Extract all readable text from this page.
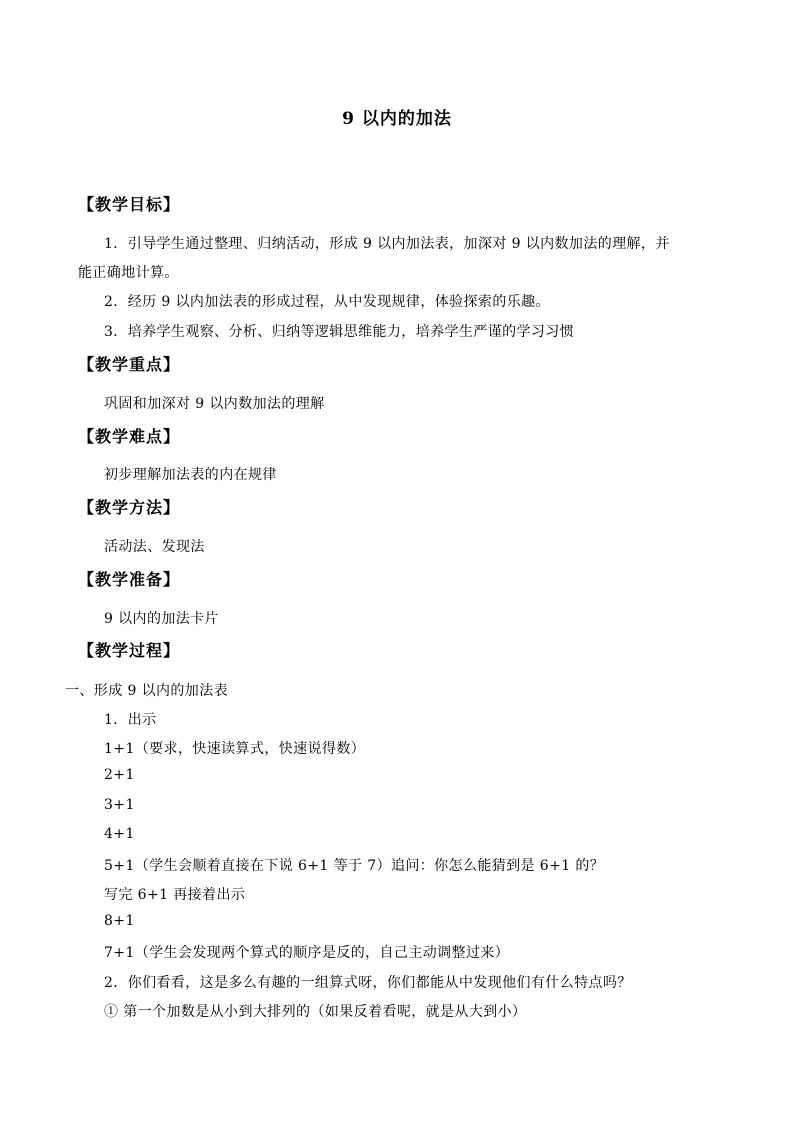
9 以内的加法
【教学目标】
1．引导学生通过整理、归纳活动，形成 9 以内加法表，加深对 9 以内数加法的理解，并
能正确地计算。
2．经历 9 以内加法表的形成过程，从中发现规律，体验探索的乐趣。
3．培养学生观察、分析、归纳等逻辑思维能力，培养学生严谨的学习习惯
【教学重点】
巩固和加深对 9 以内数加法的理解
【教学难点】
初步理解加法表的内在规律
【教学方法】
活动法、发现法
【教学准备】
9 以内的加法卡片
【教学过程】
一、形成 9 以内的加法表
1．出示
1+1（要求，快速读算式，快速说得数）
2+1
3+1
4+1
5+1（学生会顺着直接在下说 6+1 等于 7）追问：你怎么能猜到是 6+1 的？
写完 6+1 再接着出示
8+1
7+1（学生会发现两个算式的顺序是反的，自己主动调整过来）
2．你们看看，这是多么有趣的一组算式呀，你们都能从中发现他们有什么特点吗？
① 第一个加数是从小到大排列的（如果反着看呢，就是从大到小）
